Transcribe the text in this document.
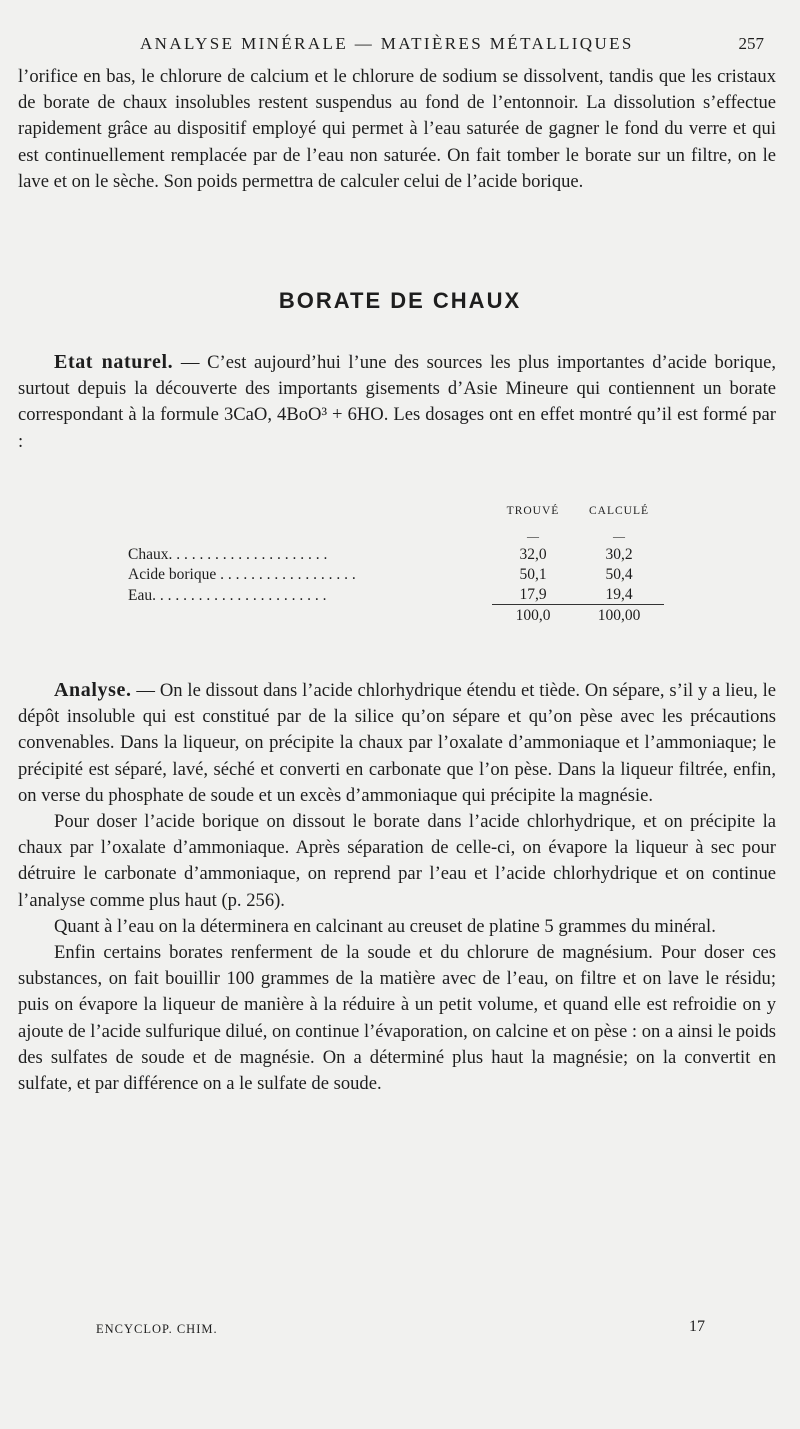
ANALYSE MINÉRALE — MATIÈRES MÉTALLIQUES	257

l’orifice en bas, le chlorure de calcium et le chlorure de sodium se dissolvent, tandis que les cristaux de borate de chaux insolubles restent suspendus au fond de l’entonnoir. La dissolution s’effectue rapidement grâce au dispositif employé qui permet à l’eau saturée de gagner le fond du verre et qui est continuellement remplacée par de l’eau non saturée. On fait tomber le borate sur un filtre, on le lave et on le sèche. Son poids permettra de calculer celui de l’acide borique.

BORATE DE CHAUX

Etat naturel. — C’est aujourd’hui l’une des sources les plus importantes d’acide borique, surtout depuis la découverte des importants gisements d’Asie Mineure qui contiennent un borate correspondant à la formule 3CaO, 4BoO³ + 6HO. Les dosages ont en effet montré qu’il est formé par :

	TROUVÉ	CALCULÉ
	—	—
Chaux. . . . . . . . . . . . . . . . . . . . .	32,0	30,2
Acide borique . . . . . . . . . . . . . . . . . .	50,1	50,4
Eau. . . . . . . . . . . . . . . . . . . . . . .	17,9	19,4
	100,0	100,00

Analyse. — On le dissout dans l’acide chlorhydrique étendu et tiède. On sépare, s’il y a lieu, le dépôt insoluble qui est constitué par de la silice qu’on sépare et qu’on pèse avec les précautions convenables. Dans la liqueur, on précipite la chaux par l’oxalate d’ammoniaque et l’ammoniaque; le précipité est séparé, lavé, séché et converti en carbonate que l’on pèse. Dans la liqueur filtrée, enfin, on verse du phosphate de soude et un excès d’ammoniaque qui précipite la magnésie.

Pour doser l’acide borique on dissout le borate dans l’acide chlorhydrique, et on précipite la chaux par l’oxalate d’ammoniaque. Après séparation de celle-ci, on évapore la liqueur à sec pour détruire le carbonate d’ammoniaque, on reprend par l’eau et l’acide chlorhydrique et on continue l’analyse comme plus haut (p. 256).

Quant à l’eau on la déterminera en calcinant au creuset de platine 5 grammes du minéral.

Enfin certains borates renferment de la soude et du chlorure de magnésium. Pour doser ces substances, on fait bouillir 100 grammes de la matière avec de l’eau, on filtre et on lave le résidu; puis on évapore la liqueur de manière à la réduire à un petit volume, et quand elle est refroidie on y ajoute de l’acide sulfurique dilué, on continue l’évaporation, on calcine et on pèse : on a ainsi le poids des sulfates de soude et de magnésie. On a déterminé plus haut la magnésie; on la convertit en sulfate, et par différence on a le sulfate de soude.

ENCYCLOP. CHIM.	17
